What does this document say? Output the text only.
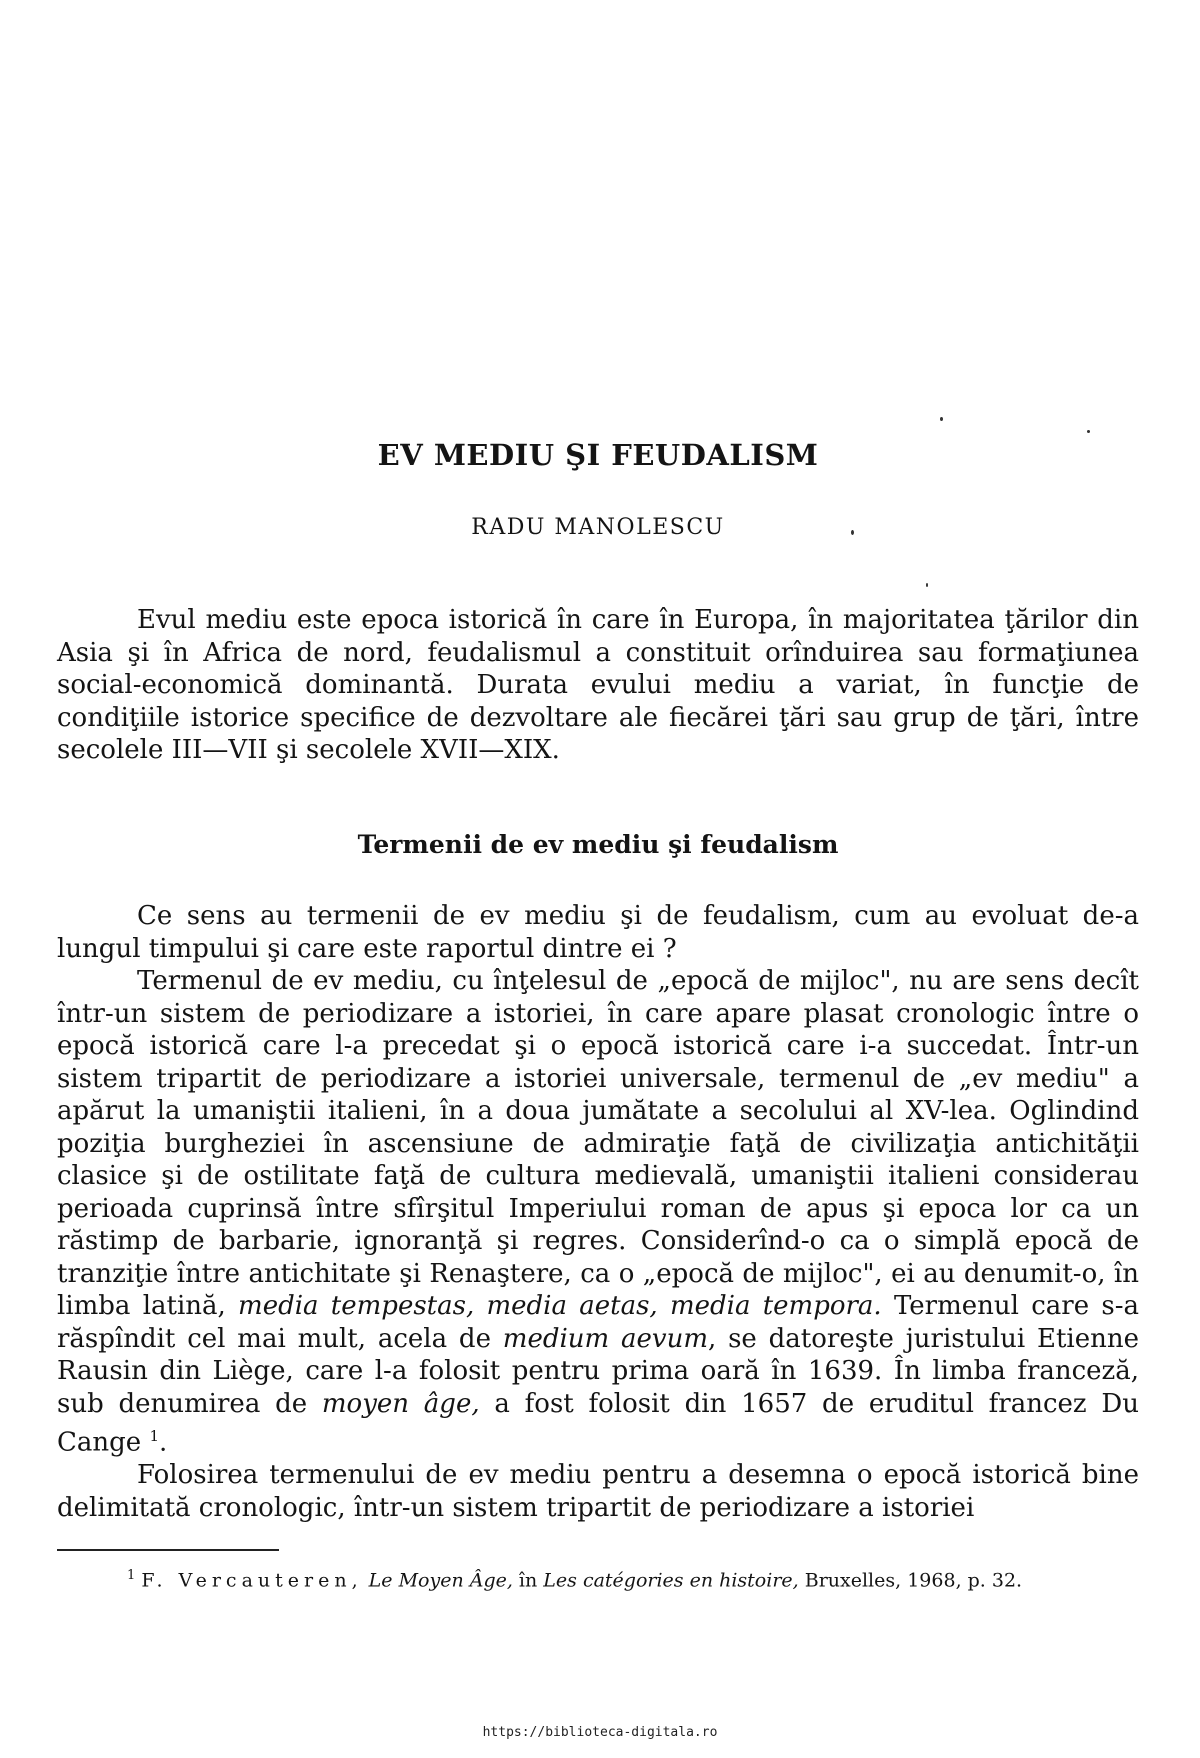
EV MEDIU ŞI FEUDALISM
RADU MANOLESCU

Evul mediu este epoca istorică în care în Europa, în majoritatea ţărilor din Asia şi în Africa de nord, feudalismul a constituit orînduirea sau formaţiunea social-economică dominantă. Durata evului mediu a variat, în funcţie de condiţiile istorice specifice de dezvoltare ale fiecărei ţări sau grup de ţări, între secolele III—VII şi secolele XVII—XIX.

Termenii de ev mediu şi feudalism

Ce sens au termenii de ev mediu şi de feudalism, cum au evoluat de-a lungul timpului şi care este raportul dintre ei ?

Termenul de ev mediu, cu înţelesul de „epocă de mijloc", nu are sens decît într-un sistem de periodizare a istoriei, în care apare plasat cronologic între o epocă istorică care l-a precedat şi o epocă istorică care i-a succedat. Într-un sistem tripartit de periodizare a istoriei universale, termenul de „ev mediu" a apărut la umaniştii italieni, în a doua jumătate a secolului al XV-lea. Oglindind poziţia burgheziei în ascensiune de admiraţie faţă de civilizaţia antichităţii clasice şi de ostilitate faţă de cultura medievală, umaniştii italieni considerau perioada cuprinsă între sfîrşitul Imperiului roman de apus şi epoca lor ca un răstimp de barbarie, ignoranţă şi regres. Considerînd-o ca o simplă epocă de tranziţie între antichitate şi Renaştere, ca o „epocă de mijloc", ei au denumit-o, în limba latină, media tempestas, media aetas, media tempora. Termenul care s-a răspîndit cel mai mult, acela de medium aevum, se datoreşte juristului Etienne Rausin din Liège, care l-a folosit pentru prima oară în 1639. În limba franceză, sub denumirea de moyen âge, a fost folosit din 1657 de eruditul francez Du Cange $^1$.

Folosirea termenului de ev mediu pentru a desemna o epocă istorică bine delimitată cronologic, într-un sistem tripartit de periodizare a istoriei

$^1$ F. Vercauteren, Le Moyen Âge, în Les catégories en histoire, Bruxelles, 1968, p. 32.
https://biblioteca-digitala.ro
